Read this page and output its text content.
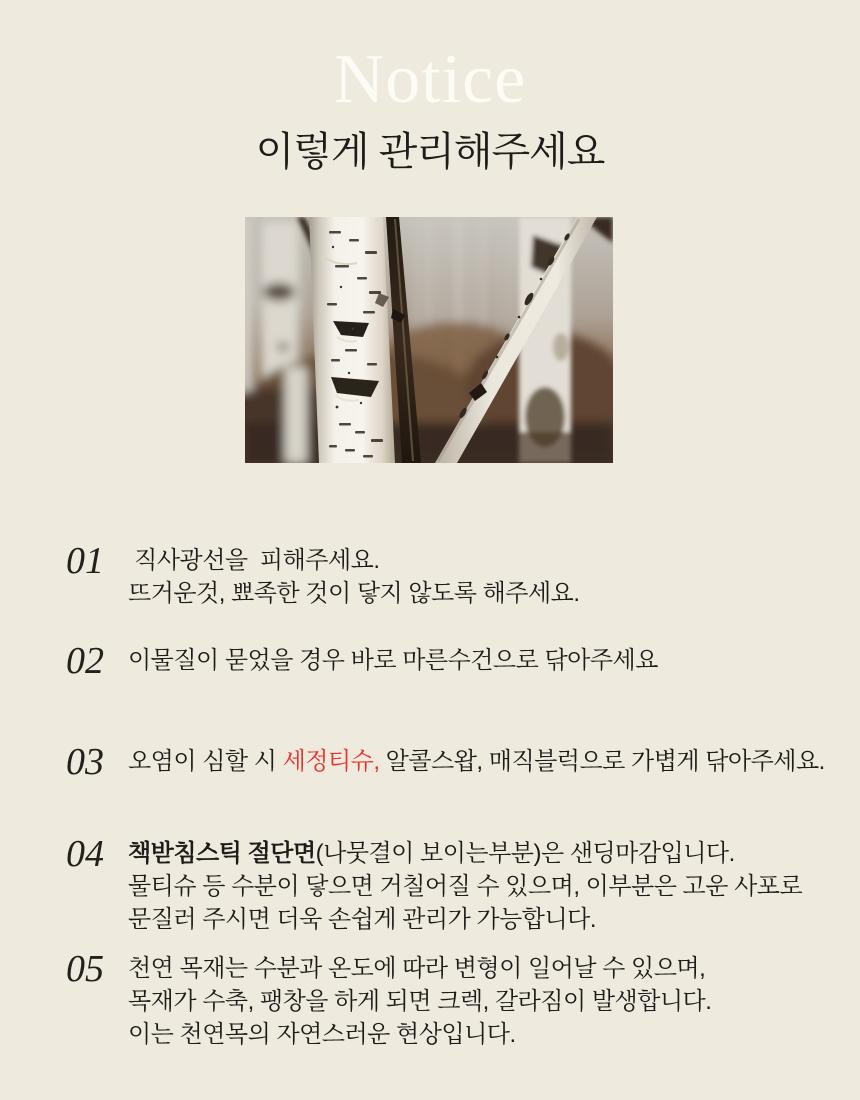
Notice
이렇게 관리해주세요
01	직사광선을  피해주세요.
뜨거운것, 뾰족한 것이 닿지 않도록 해주세요.
02	이물질이 묻었을 경우 바로 마른수건으로 닦아주세요
03	오염이 심할 시 세정티슈, 알콜스왑, 매직블럭으로 가볍게 닦아주세요.
04	책받침스틱 절단면(나뭇결이 보이는부분)은 샌딩마감입니다.
물티슈 등 수분이 닿으면 거칠어질 수 있으며, 이부분은 고운 사포로
문질러 주시면 더욱 손쉽게 관리가 가능합니다.
05	천연 목재는 수분과 온도에 따라 변형이 일어날 수 있으며,
목재가 수축, 팽창을 하게 되면 크렉, 갈라짐이 발생합니다.
이는 천연목의 자연스러운 현상입니다.
